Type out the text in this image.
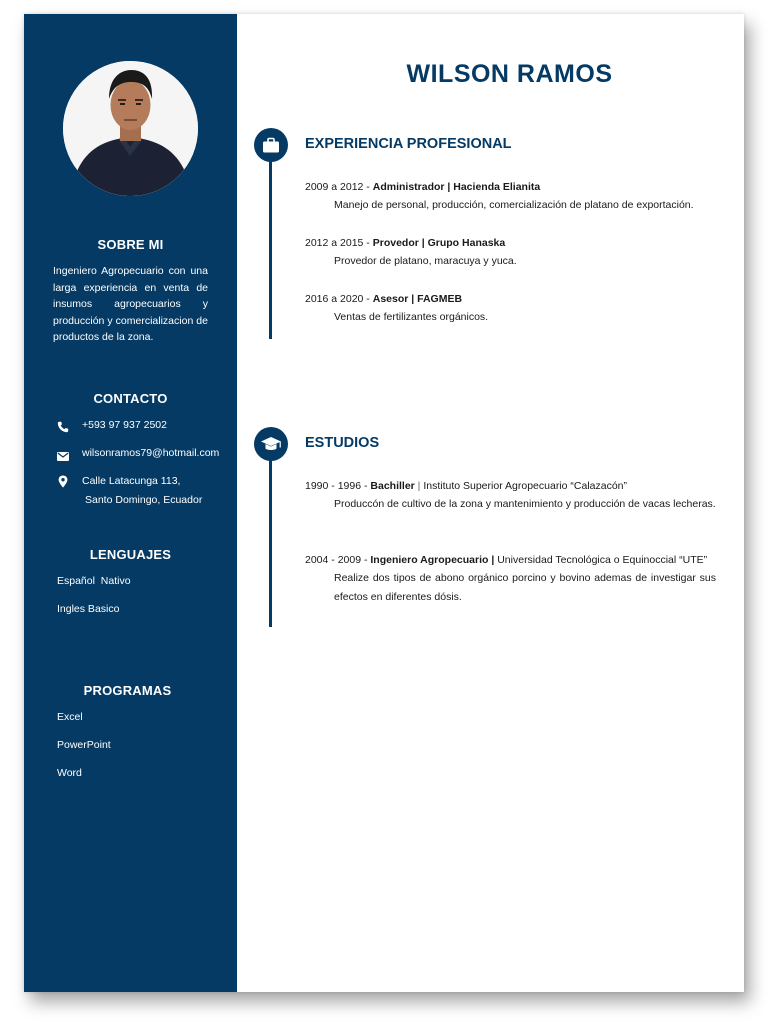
SOBRE MI
Ingeniero Agropecuario con una larga experiencia en venta de insumos agropecuarios y producción y comercializacion de productos de la zona.
CONTACTO
+593 97 937 2502
wilsonramos79@hotmail.com
Calle Latacunga 113,
Santo Domingo, Ecuador
LENGUAJES
Español  Nativo
Ingles Basico
PROGRAMAS
Excel
PowerPoint
Word
WILSON RAMOS
EXPERIENCIA PROFESIONAL
2009 a 2012 - Administrador | Hacienda Elianita
Manejo de personal, producción, comercialización de platano de exportación.
2012 a 2015 - Provedor | Grupo Hanaska
Provedor de platano, maracuya y yuca.
2016 a 2020 - Asesor | FAGMEB
Ventas de fertilizantes orgánicos.
ESTUDIOS
1990 - 1996 - Bachiller | Instituto Superior Agropecuario “Calazacón”
Produccón de cultivo de la zona y mantenimiento y producción de vacas lecheras.
2004 - 2009 - Ingeniero Agropecuario | Universidad Tecnológica o Equinoccial “UTE”
Realize dos tipos de abono orgánico porcino y bovino ademas de investigar sus efectos en diferentes dósis.
